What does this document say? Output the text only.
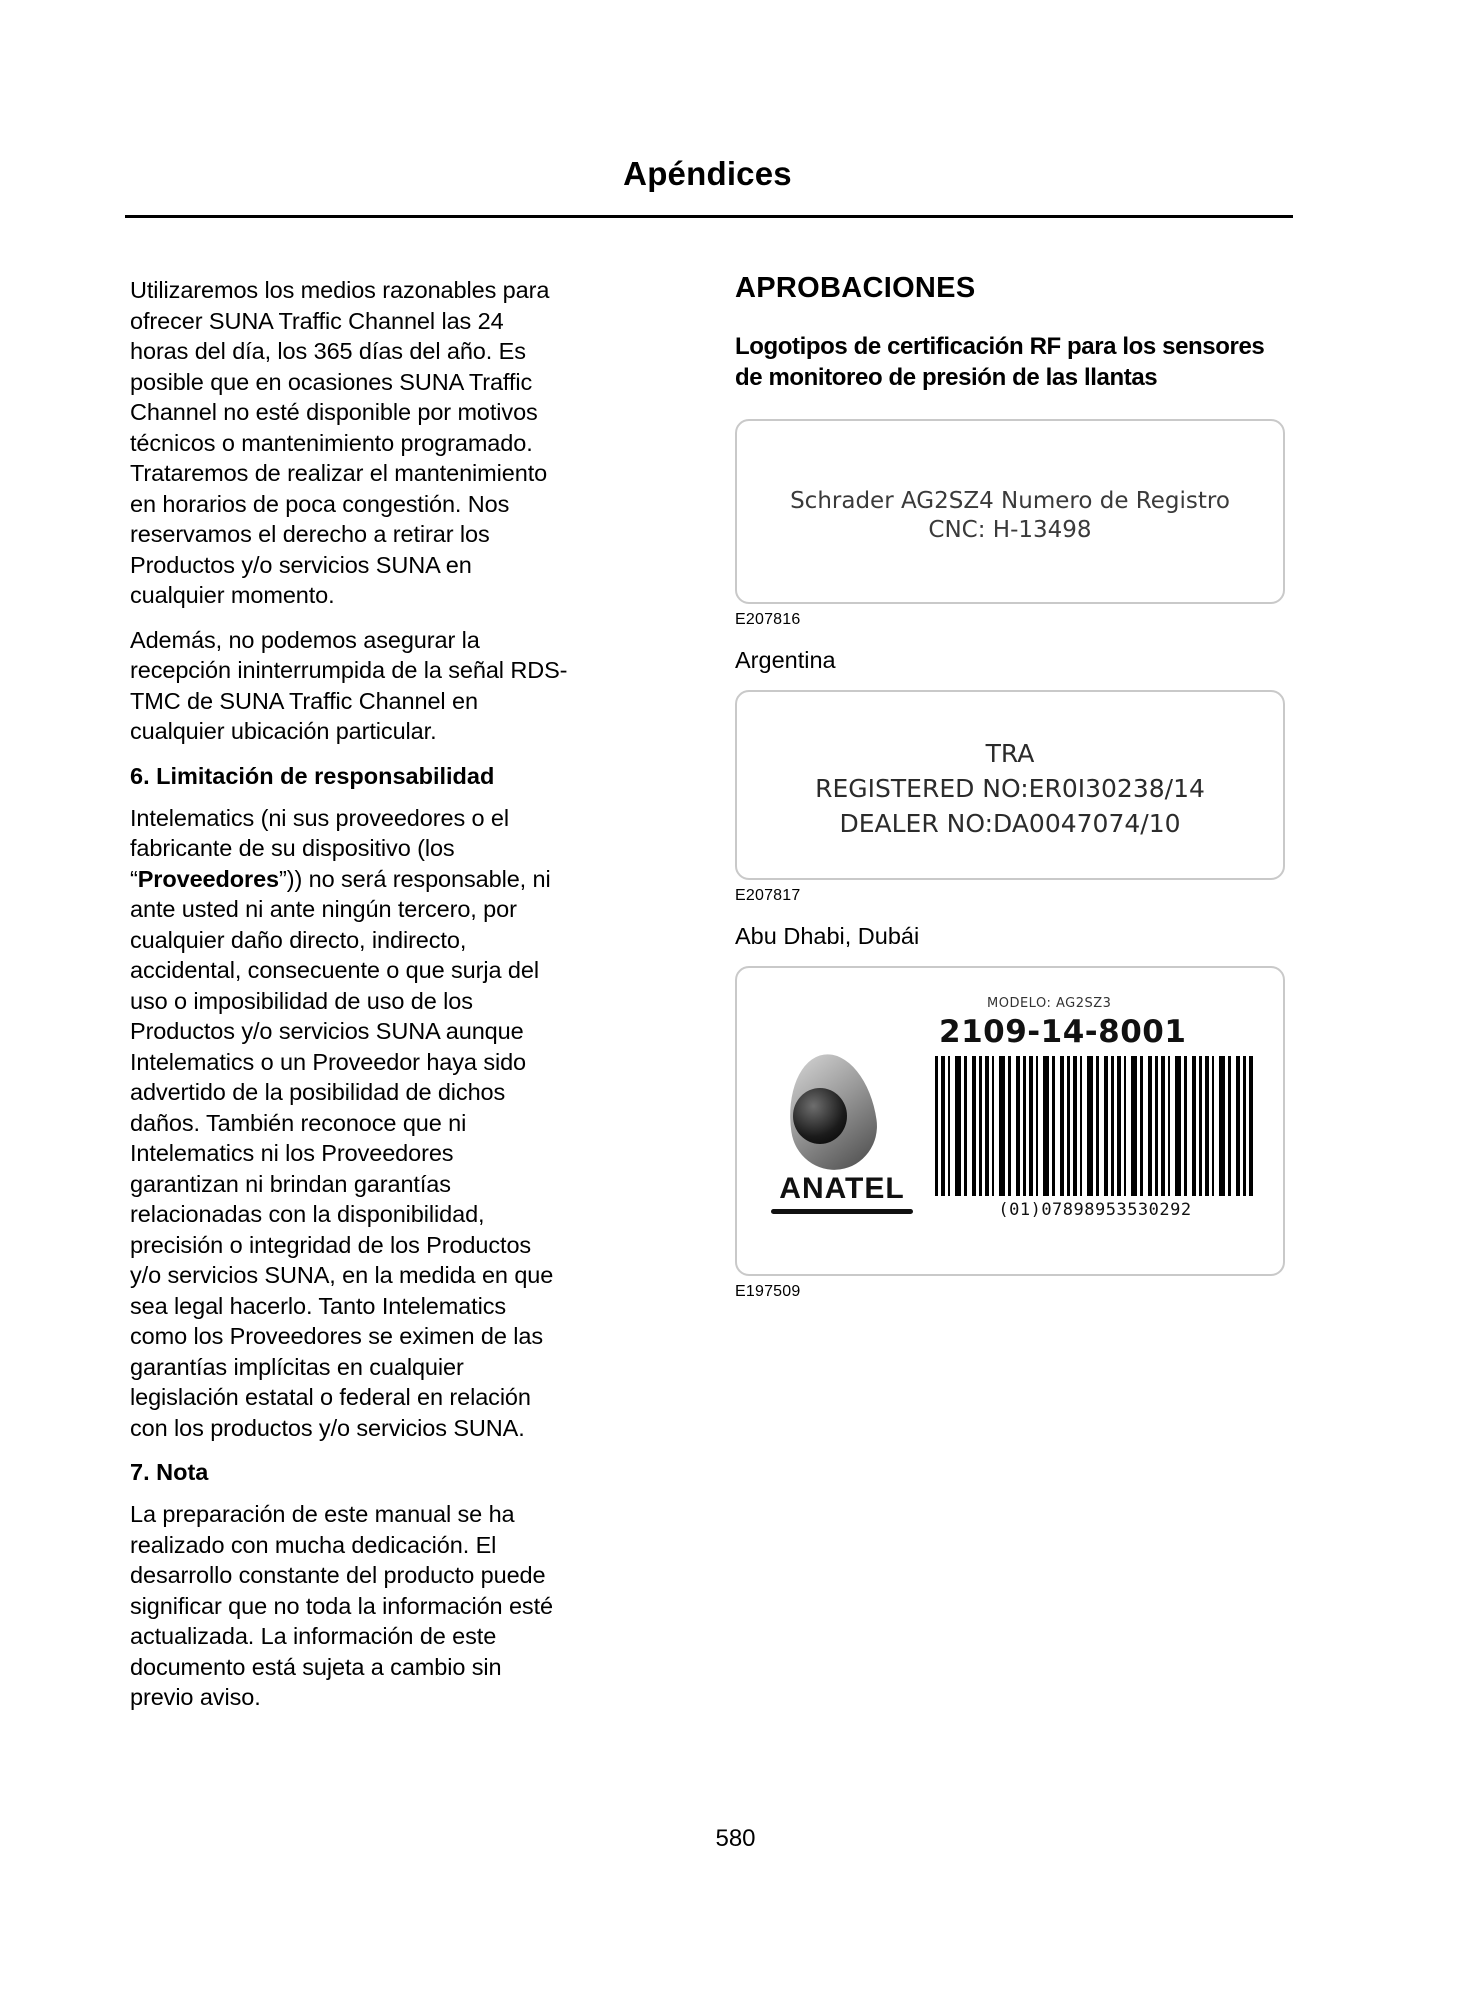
Apéndices

Utilizaremos los medios razonables para ofrecer SUNA Traffic Channel las 24 horas del día, los 365 días del año. Es posible que en ocasiones SUNA Traffic Channel no esté disponible por motivos técnicos o mantenimiento programado. Trataremos de realizar el mantenimiento en horarios de poca congestión. Nos reservamos el derecho a retirar los Productos y/o servicios SUNA en cualquier momento.

Además, no podemos asegurar la recepción ininterrumpida de la señal RDS-TMC de SUNA Traffic Channel en cualquier ubicación particular.

6. Limitación de responsabilidad

Intelematics (ni sus proveedores o el fabricante de su dispositivo (los “Proveedores”)) no será responsable, ni ante usted ni ante ningún tercero, por cualquier daño directo, indirecto, accidental, consecuente o que surja del uso o imposibilidad de uso de los Productos y/o servicios SUNA aunque Intelematics o un Proveedor haya sido advertido de la posibilidad de dichos daños. También reconoce que ni Intelematics ni los Proveedores garantizan ni brindan garantías relacionadas con la disponibilidad, precisión o integridad de los Productos y/o servicios SUNA, en la medida en que sea legal hacerlo. Tanto Intelematics como los Proveedores se eximen de las garantías implícitas en cualquier legislación estatal o federal en relación con los productos y/o servicios SUNA.

7. Nota

La preparación de este manual se ha realizado con mucha dedicación. El desarrollo constante del producto puede significar que no toda la información esté actualizada. La información de este documento está sujeta a cambio sin previo aviso.

APROBACIONES
Logotipos de certificación RF para los sensores de monitoreo de presión de las llantas
Schrader AG2SZ4 Numero de Registro
CNC: H-13498
E207816
Argentina
TRA
REGISTERED NO:ER0I30238/14
DEALER NO:DA0047074/10
E207817
Abu Dhabi, Dubái
ANATEL
MODELO: AG2SZ3
2109-14-8001
(01)07898953530292
E197509
580
